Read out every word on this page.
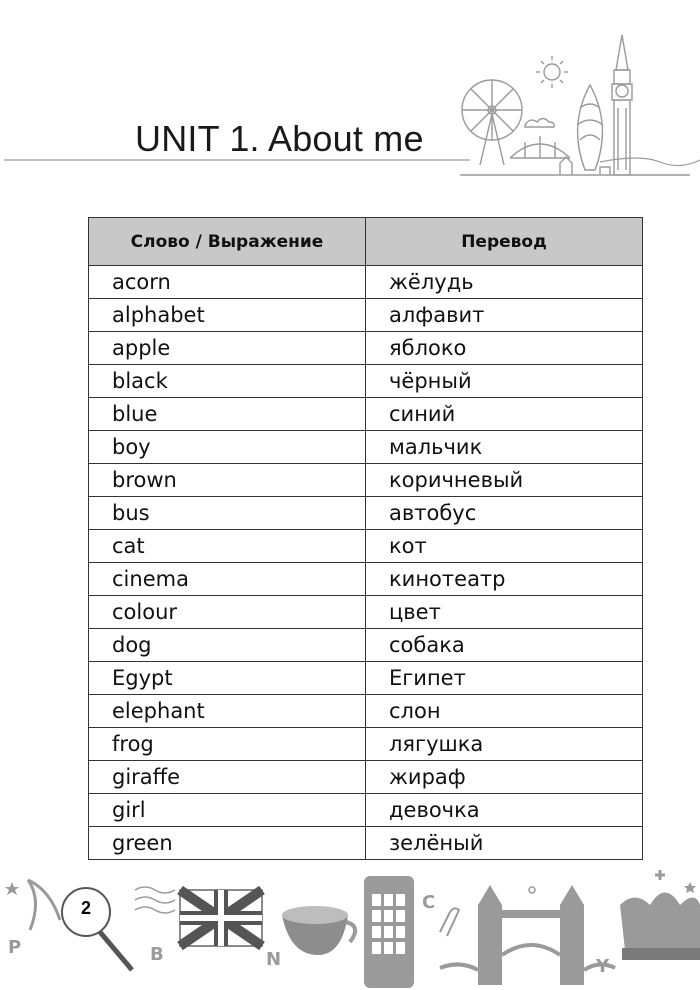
UNIT 1. About me
Слово / Выражение	Перевод
acorn	жёлудь
alphabet	алфавит
apple	яблоко
black	чёрный
blue	синий
boy	мальчик
brown	коричневый
bus	автобус
cat	кот
cinema	кинотеатр
colour	цвет
dog	собака
Egypt	Египет
elephant	слон
frog	лягушка
giraffe	жираф
girl	девочка
green	зелёный
P	B	N
C
Y
2
